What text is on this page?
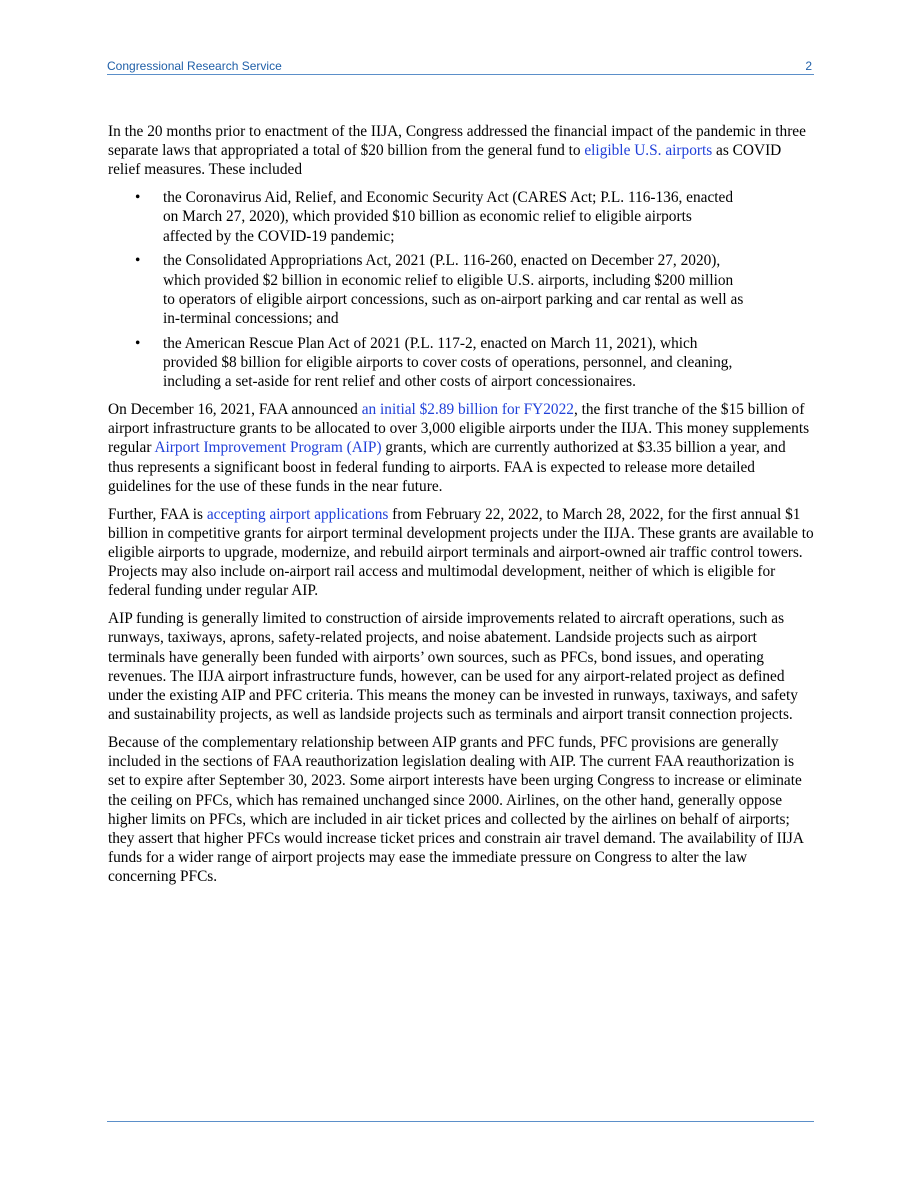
Congressional Research Service	2

In the 20 months prior to enactment of the IIJA, Congress addressed the financial impact of the pandemic in three separate laws that appropriated a total of $20 billion from the general fund to eligible U.S. airports as COVID relief measures. These included

• the Coronavirus Aid, Relief, and Economic Security Act (CARES Act; P.L. 116-136, enacted on March 27, 2020), which provided $10 billion as economic relief to eligible airports affected by the COVID-19 pandemic;
• the Consolidated Appropriations Act, 2021 (P.L. 116-260, enacted on December 27, 2020), which provided $2 billion in economic relief to eligible U.S. airports, including $200 million to operators of eligible airport concessions, such as on-airport parking and car rental as well as in-terminal concessions; and
• the American Rescue Plan Act of 2021 (P.L. 117-2, enacted on March 11, 2021), which provided $8 billion for eligible airports to cover costs of operations, personnel, and cleaning, including a set-aside for rent relief and other costs of airport concessionaires.

On December 16, 2021, FAA announced an initial $2.89 billion for FY2022, the first tranche of the $15 billion of airport infrastructure grants to be allocated to over 3,000 eligible airports under the IIJA. This money supplements regular Airport Improvement Program (AIP) grants, which are currently authorized at $3.35 billion a year, and thus represents a significant boost in federal funding to airports. FAA is expected to release more detailed guidelines for the use of these funds in the near future.

Further, FAA is accepting airport applications from February 22, 2022, to March 28, 2022, for the first annual $1 billion in competitive grants for airport terminal development projects under the IIJA. These grants are available to eligible airports to upgrade, modernize, and rebuild airport terminals and airport-owned air traffic control towers. Projects may also include on-airport rail access and multimodal development, neither of which is eligible for federal funding under regular AIP.

AIP funding is generally limited to construction of airside improvements related to aircraft operations, such as runways, taxiways, aprons, safety-related projects, and noise abatement. Landside projects such as airport terminals have generally been funded with airports’ own sources, such as PFCs, bond issues, and operating revenues. The IIJA airport infrastructure funds, however, can be used for any airport-related project as defined under the existing AIP and PFC criteria. This means the money can be invested in runways, taxiways, and safety and sustainability projects, as well as landside projects such as terminals and airport transit connection projects.

Because of the complementary relationship between AIP grants and PFC funds, PFC provisions are generally included in the sections of FAA reauthorization legislation dealing with AIP. The current FAA reauthorization is set to expire after September 30, 2023. Some airport interests have been urging Congress to increase or eliminate the ceiling on PFCs, which has remained unchanged since 2000. Airlines, on the other hand, generally oppose higher limits on PFCs, which are included in air ticket prices and collected by the airlines on behalf of airports; they assert that higher PFCs would increase ticket prices and constrain air travel demand. The availability of IIJA funds for a wider range of airport projects may ease the immediate pressure on Congress to alter the law concerning PFCs.
